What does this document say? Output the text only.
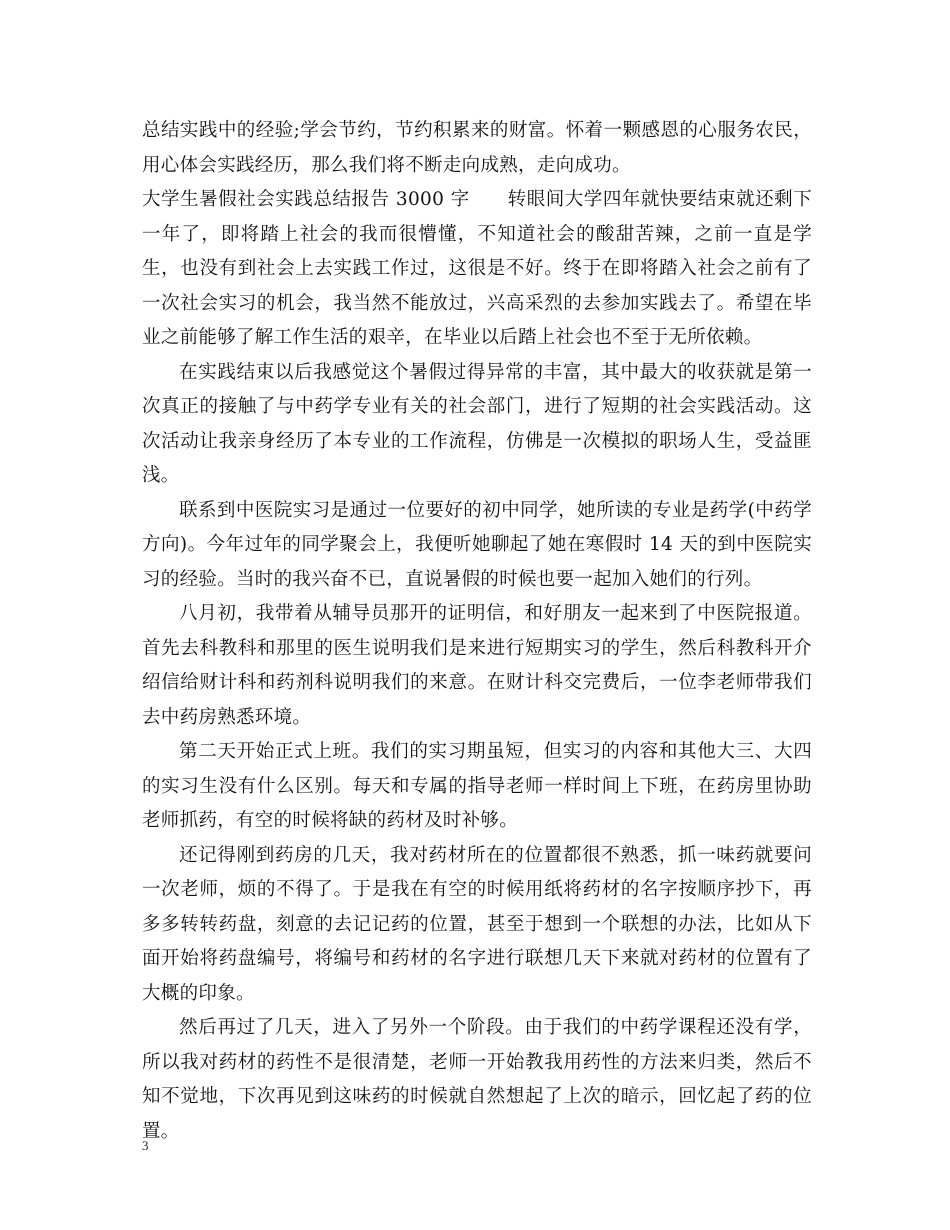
总结实践中的经验;学会节约，节约积累来的财富。怀着一颗感恩的心服务农民，用心体会实践经历，那么我们将不断走向成熟，走向成功。

大学生暑假社会实践总结报告 3000 字　　转眼间大学四年就快要结束就还剩下一年了，即将踏上社会的我而很懵懂，不知道社会的酸甜苦辣，之前一直是学生，也没有到社会上去实践工作过，这很是不好。终于在即将踏入社会之前有了一次社会实习的机会，我当然不能放过，兴高采烈的去参加实践去了。希望在毕业之前能够了解工作生活的艰辛，在毕业以后踏上社会也不至于无所依赖。

在实践结束以后我感觉这个暑假过得异常的丰富，其中最大的收获就是第一次真正的接触了与中药学专业有关的社会部门，进行了短期的社会实践活动。这次活动让我亲身经历了本专业的工作流程，仿佛是一次模拟的职场人生，受益匪浅。

联系到中医院实习是通过一位要好的初中同学，她所读的专业是药学(中药学方向)。今年过年的同学聚会上，我便听她聊起了她在寒假时 14 天的到中医院实习的经验。当时的我兴奋不已，直说暑假的时候也要一起加入她们的行列。

八月初，我带着从辅导员那开的证明信，和好朋友一起来到了中医院报道。首先去科教科和那里的医生说明我们是来进行短期实习的学生，然后科教科开介绍信给财计科和药剂科说明我们的来意。在财计科交完费后，一位李老师带我们去中药房熟悉环境。

第二天开始正式上班。我们的实习期虽短，但实习的内容和其他大三、大四的实习生没有什么区别。每天和专属的指导老师一样时间上下班，在药房里协助老师抓药，有空的时候将缺的药材及时补够。

还记得刚到药房的几天，我对药材所在的位置都很不熟悉，抓一味药就要问一次老师，烦的不得了。于是我在有空的时候用纸将药材的名字按顺序抄下，再多多转转药盘，刻意的去记记药的位置，甚至于想到一个联想的办法，比如从下面开始将药盘编号，将编号和药材的名字进行联想几天下来就对药材的位置有了大概的印象。

然后再过了几天，进入了另外一个阶段。由于我们的中药学课程还没有学，所以我对药材的药性不是很清楚，老师一开始教我用药性的方法来归类，然后不知不觉地，下次再见到这味药的时候就自然想起了上次的暗示，回忆起了药的位置。

3
